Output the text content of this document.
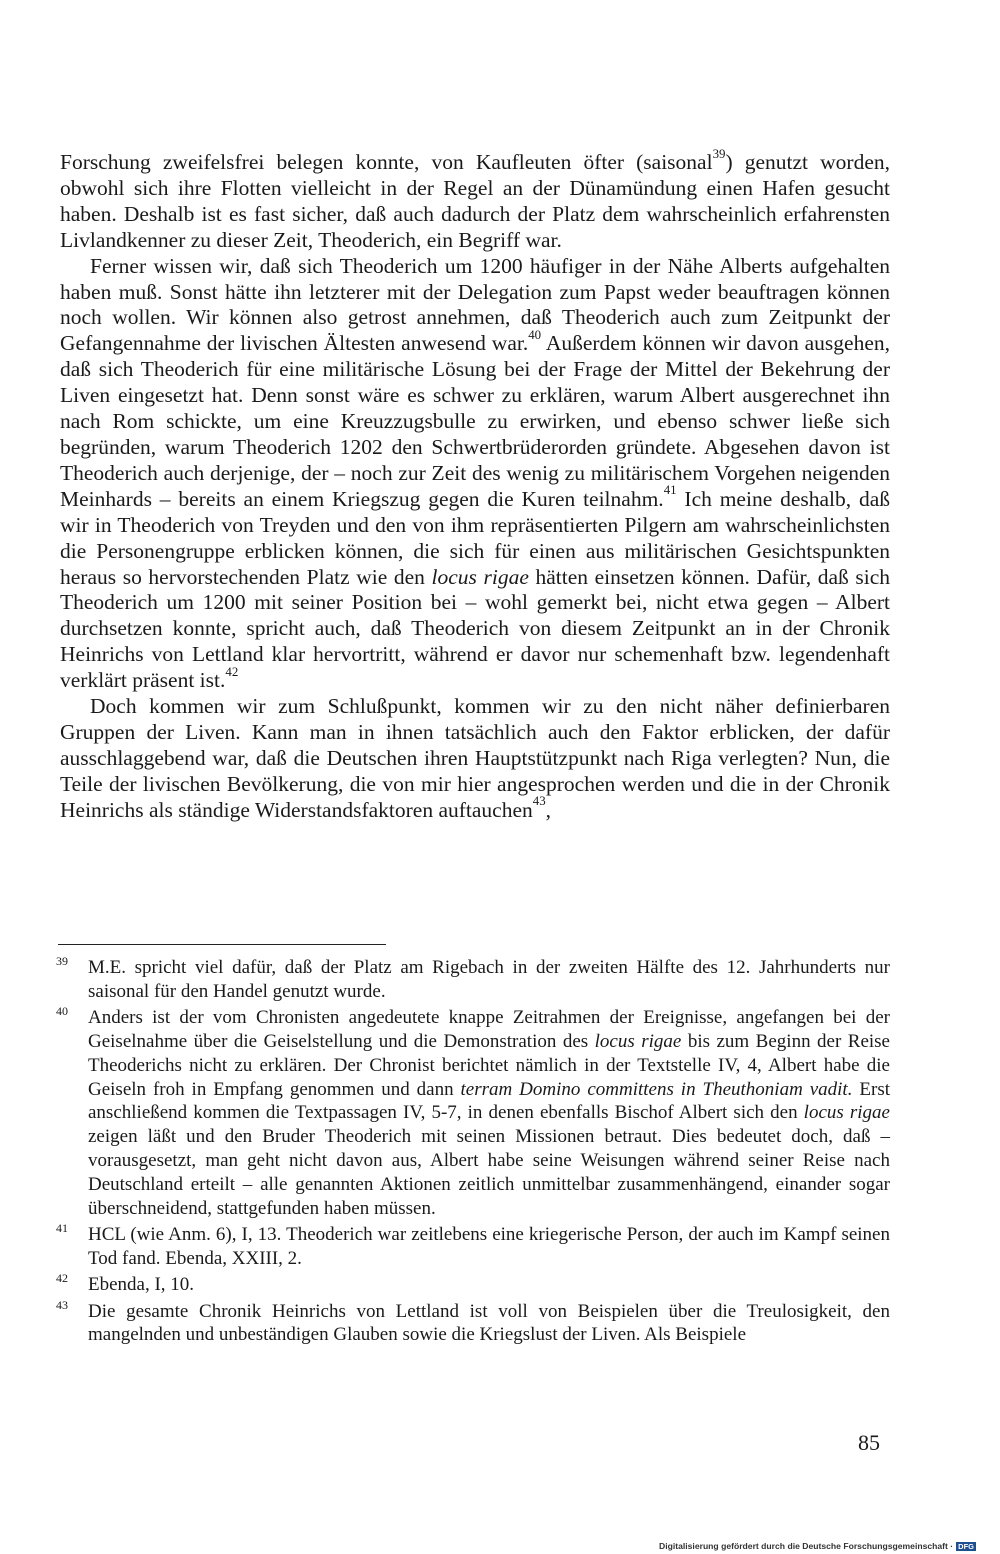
Forschung zweifelsfrei belegen konnte, von Kaufleuten öfter (saisonal$^{39}$) genutzt worden, obwohl sich ihre Flotten vielleicht in der Regel an der Dünamündung einen Hafen gesucht haben. Deshalb ist es fast sicher, daß auch dadurch der Platz dem wahrscheinlich erfahrensten Livlandkenner zu dieser Zeit, Theoderich, ein Begriff war.

Ferner wissen wir, daß sich Theoderich um 1200 häufiger in der Nähe Alberts aufgehalten haben muß. Sonst hätte ihn letzterer mit der Delegation zum Papst weder beauftragen können noch wollen. Wir können also getrost annehmen, daß Theoderich auch zum Zeitpunkt der Gefangennahme der livischen Ältesten anwesend war.$^{40}$ Außerdem können wir davon ausgehen, daß sich Theoderich für eine militärische Lösung bei der Frage der Mittel der Bekehrung der Liven eingesetzt hat. Denn sonst wäre es schwer zu erklären, warum Albert ausgerechnet ihn nach Rom schickte, um eine Kreuzzugsbulle zu erwirken, und ebenso schwer ließe sich begründen, warum Theoderich 1202 den Schwertbrüderorden gründete. Abgesehen davon ist Theoderich auch derjenige, der – noch zur Zeit des wenig zu militärischem Vorgehen neigenden Meinhards – bereits an einem Kriegszug gegen die Kuren teilnahm.$^{41}$ Ich meine deshalb, daß wir in Theoderich von Treyden und den von ihm repräsentierten Pilgern am wahrscheinlichsten die Personengruppe erblicken können, die sich für einen aus militärischen Gesichtspunkten heraus so hervorstechenden Platz wie den locus rigae hätten einsetzen können. Dafür, daß sich Theoderich um 1200 mit seiner Position bei – wohl gemerkt bei, nicht etwa gegen – Albert durchsetzen konnte, spricht auch, daß Theoderich von diesem Zeitpunkt an in der Chronik Heinrichs von Lettland klar hervortritt, während er davor nur schemenhaft bzw. legendenhaft verklärt präsent ist.$^{42}$

Doch kommen wir zum Schlußpunkt, kommen wir zu den nicht näher definierbaren Gruppen der Liven. Kann man in ihnen tatsächlich auch den Faktor erblicken, der dafür ausschlaggebend war, daß die Deutschen ihren Hauptstützpunkt nach Riga verlegten? Nun, die Teile der livischen Bevölkerung, die von mir hier angesprochen werden und die in der Chronik Heinrichs als ständige Widerstandsfaktoren auftauchen$^{43}$,

39 M.E. spricht viel dafür, daß der Platz am Rigebach in der zweiten Hälfte des 12. Jahrhunderts nur saisonal für den Handel genutzt wurde.
40 Anders ist der vom Chronisten angedeutete knappe Zeitrahmen der Ereignisse, angefangen bei der Geiselnahme über die Geiselstellung und die Demonstration des locus rigae bis zum Beginn der Reise Theoderichs nicht zu erklären. Der Chronist berichtet nämlich in der Textstelle IV, 4, Albert habe die Geiseln froh in Empfang genommen und dann terram Domino committens in Theuthoniam vadit. Erst anschließend kommen die Textpassagen IV, 5-7, in denen ebenfalls Bischof Albert sich den locus rigae zeigen läßt und den Bruder Theoderich mit seinen Missionen betraut. Dies bedeutet doch, daß – vorausgesetzt, man geht nicht davon aus, Albert habe seine Weisungen während seiner Reise nach Deutschland erteilt – alle genannten Aktionen zeitlich unmittelbar zusammenhängend, einander sogar überschneidend, stattgefunden haben müssen.
41 HCL (wie Anm. 6), I, 13. Theoderich war zeitlebens eine kriegerische Person, der auch im Kampf seinen Tod fand. Ebenda, XXIII, 2.
42 Ebenda, I, 10.
43 Die gesamte Chronik Heinrichs von Lettland ist voll von Beispielen über die Treulosigkeit, den mangelnden und unbeständigen Glauben sowie die Kriegslust der Liven. Als Beispiele
85
Digitalisierung gefördert durch die Deutsche Forschungsgemeinschaft · DFG
